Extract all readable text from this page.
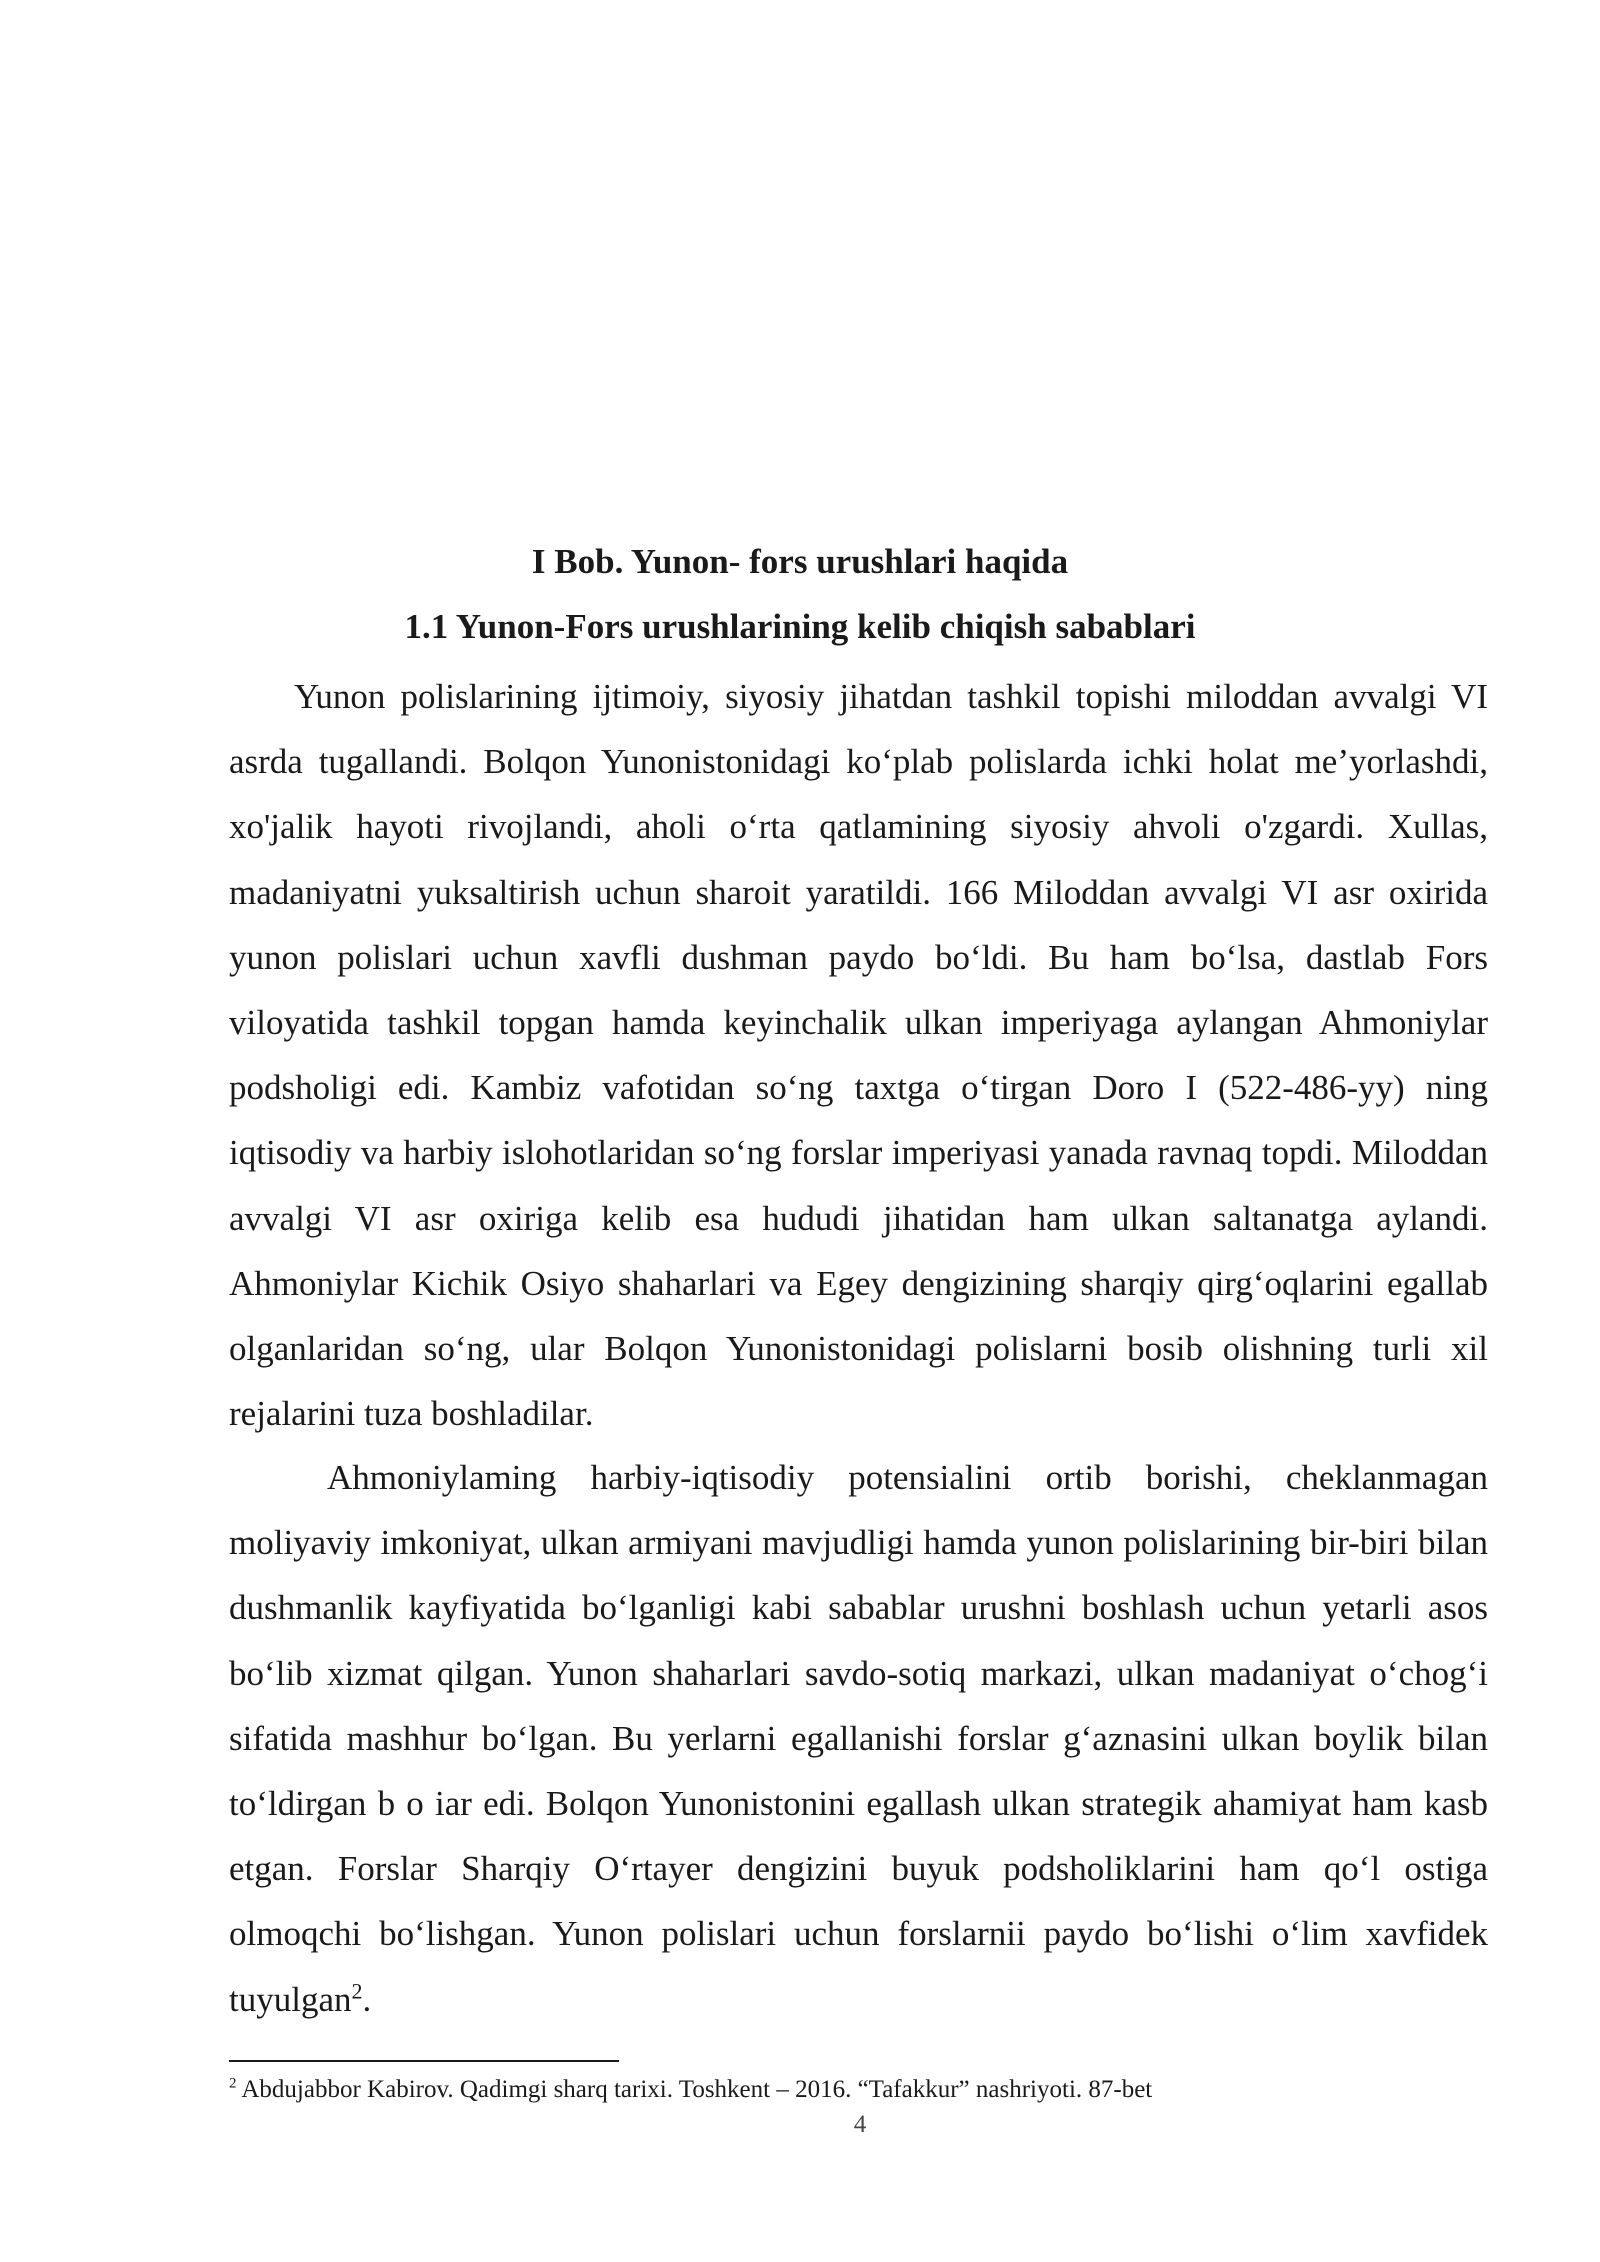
I Bob. Yunon- fors urushlari haqida
1.1 Yunon-Fors urushlarining kelib chiqish sabablari

Yunon polislarining ijtimoiy, siyosiy jihatdan tashkil topishi miloddan avvalgi VI asrda tugallandi. Bolqon Yunonistonidagi ko‘plab polislarda ichki holat me’yorlashdi, xo'jalik hayoti rivojlandi, aholi o‘rta qatlamining siyosiy ahvoli o'zgardi. Xullas, madaniyatni yuksaltirish uchun sharoit yaratildi. 166 Miloddan avvalgi VI asr oxirida yunon polislari uchun xavfli dushman paydo bo‘ldi. Bu ham bo‘lsa, dastlab Fors viloyatida tashkil topgan hamda keyinchalik ulkan imperiyaga aylangan Ahmoniylar podsholigi edi. Kambiz vafotidan so‘ng taxtga o‘tirgan Doro I (522-486-yy) ning iqtisodiy va harbiy islohotlaridan so‘ng forslar imperiyasi yanada ravnaq topdi. Miloddan avvalgi VI asr oxiriga kelib esa hududi jihatidan ham ulkan saltanatga aylandi. Ahmoniylar Kichik Osiyo shaharlari va Egey dengizining sharqiy qirg‘oqlarini egallab olganlaridan so‘ng, ular Bolqon Yunonistonidagi polislarni bosib olishning turli xil rejalarini tuza boshladilar.

Ahmoniylaming harbiy-iqtisodiy potensialini ortib borishi, cheklanmagan moliyaviy imkoniyat, ulkan armiyani mavjudligi hamda yunon polislarining bir-biri bilan dushmanlik kayfiyatida bo‘lganligi kabi sabablar urushni boshlash uchun yetarli asos bo‘lib xizmat qilgan. Yunon shaharlari savdo-sotiq markazi, ulkan madaniyat o‘chog‘i sifatida mashhur bo‘lgan. Bu yerlarni egallanishi forslar g‘aznasini ulkan boylik bilan to‘ldirgan b o iar edi. Bolqon Yunonistonini egallash ulkan strategik ahamiyat ham kasb etgan. Forslar Sharqiy O‘rtayer dengizini buyuk podsholiklarini ham qo‘l ostiga olmoqchi bo‘lishgan. Yunon polislari uchun forslarnii paydo bo‘lishi o‘lim xavfidek tuyulgan$^2$.

$^2$ Abdujabbor Kabirov. Qadimgi sharq tarixi. Toshkent – 2016. “Tafakkur” nashriyoti. 87-bet

4
